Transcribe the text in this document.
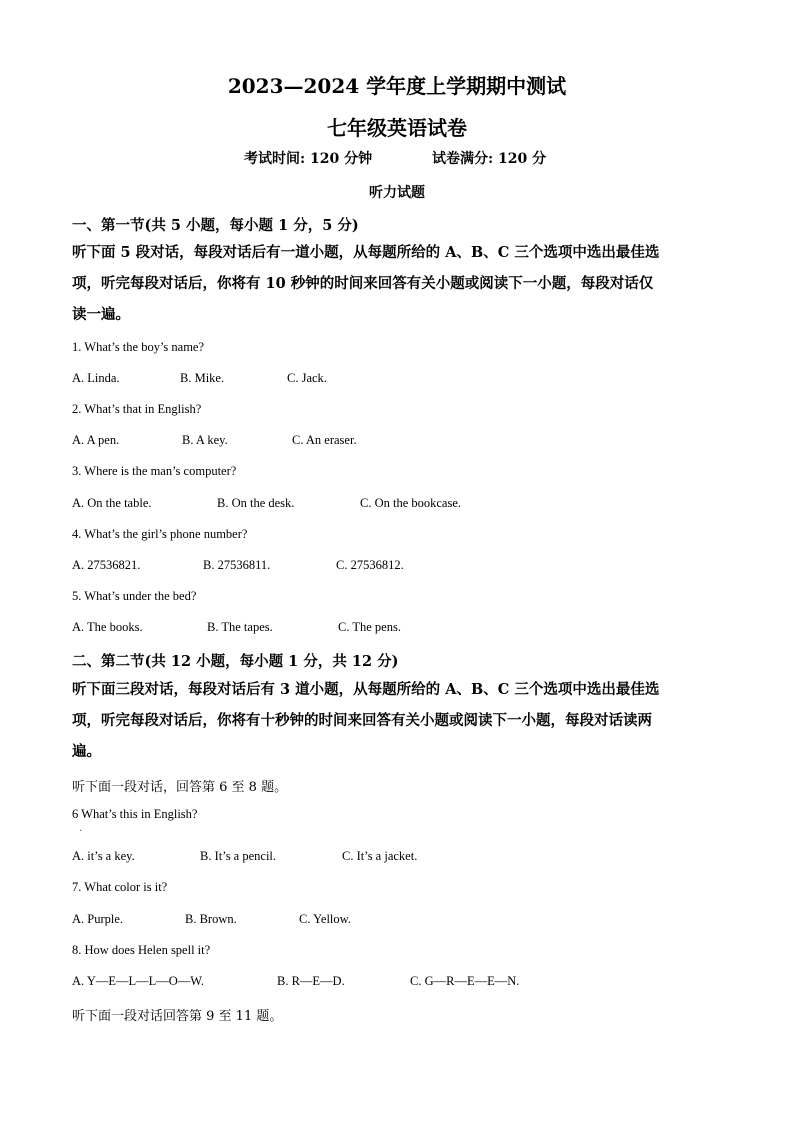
2023—2024 学年度上学期期中测试
七年级英语试卷
考试时间: 120 分钟	试卷满分: 120 分
听力试题
一、第一节(共 5 小题，每小题 1 分，5 分)
听下面 5 段对话，每段对话后有一道小题，从每题所给的 A、B、C 三个选项中选出最佳选
项，听完每段对话后，你将有 10 秒钟的时间来回答有关小题或阅读下一小题，每段对话仅
读一遍。
1. What’s the boy’s name?
A. Linda.	B. Mike.	C. Jack.
2. What’s that in English?
A. A pen.	B. A key.	C. An eraser.
3. Where is the man’s computer?
A. On the table.	B. On the desk.	C. On the bookcase.
4. What’s the girl’s phone number?
A. 27536821.	B. 27536811.	C. 27536812.
5. What’s under the bed?
A. The books.	B. The tapes.	C. The pens.
二、第二节(共 12 小题，每小题 1 分，共 12 分)
听下面三段对话，每段对话后有 3 道小题，从每题所给的 A、B、C 三个选项中选出最佳选
项，听完每段对话后，你将有十秒钟的时间来回答有关小题或阅读下一小题，每段对话读两
遍。
听下面一段对话，回答第 6 至 8 题。
6 What’s this in English?
.
A. it’s a key.	B. It’s a pencil.	C. It’s a jacket.
7. What color is it?
A. Purple.	B. Brown.	C. Yellow.
8. How does Helen spell it?
A. Y—E—L—L—O—W.	B. R—E—D.	C. G—R—E—E—N.
听下面一段对话回答第 9 至 11 题。
